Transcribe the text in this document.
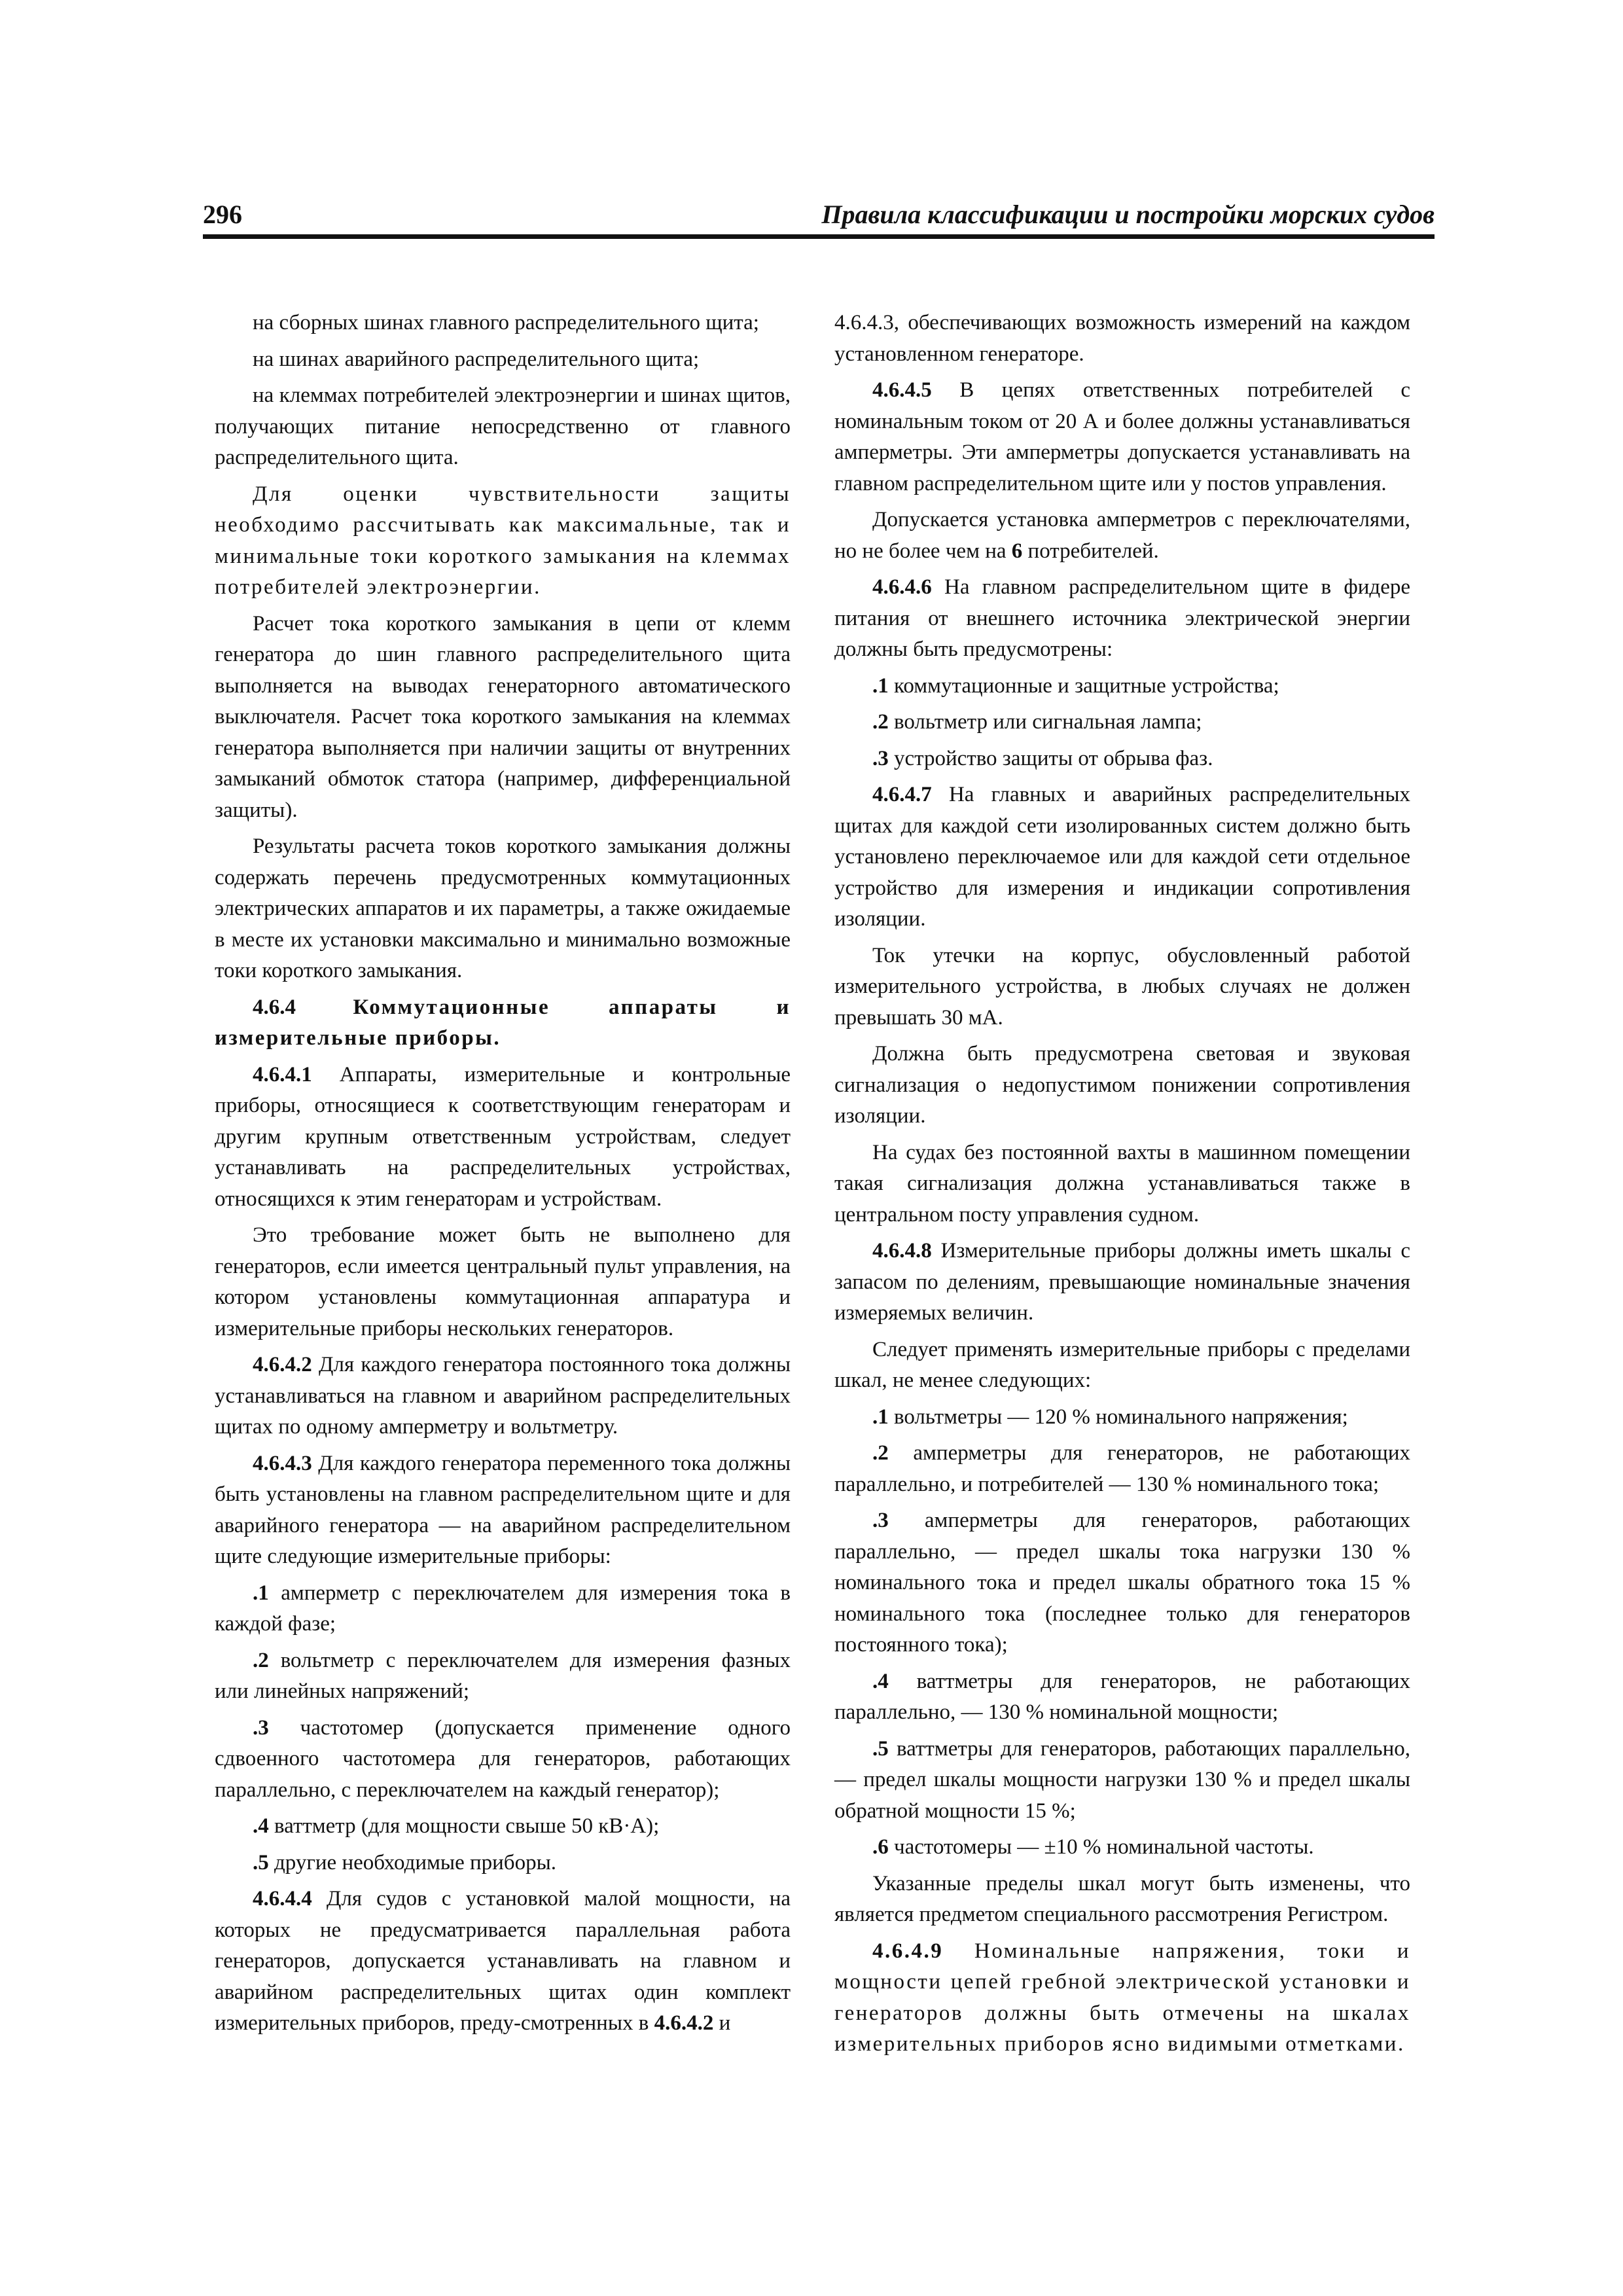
296	Правила классификации и постройки морских судов

на сборных шинах главного распределительного щита;

на шинах аварийного распределительного щита;

на клеммах потребителей электроэнергии и шинах щитов, получающих питание непосредственно от главного распределительного щита.

Для оценки чувствительности защиты необходимо рассчитывать как максимальные, так и минимальные токи короткого замыкания на клеммах потребителей электроэнергии.

Расчет тока короткого замыкания в цепи от клемм генератора до шин главного распределительного щита выполняется на выводах генераторного автоматического выключателя. Расчет тока короткого замыкания на клеммах генератора выполняется при наличии защиты от внутренних замыканий обмоток статора (например, дифференциальной защиты).

Результаты расчета токов короткого замыкания должны содержать перечень предусмотренных коммутационных электрических аппаратов и их параметры, а также ожидаемые в месте их установки максимально и минимально возможные токи короткого замыкания.

4.6.4	Коммутационные аппараты и измерительные приборы.

4.6.4.1 Аппараты, измерительные и контрольные приборы, относящиеся к соответствующим генераторам и другим крупным ответственным устройствам, следует устанавливать на распределительных устройствах, относящихся к этим генераторам и устройствам.

Это требование может быть не выполнено для генераторов, если имеется центральный пульт управления, на котором установлены коммутационная аппаратура и измерительные приборы нескольких генераторов.

4.6.4.2 Для каждого генератора постоянного тока должны устанавливаться на главном и аварийном распределительных щитах по одному амперметру и вольтметру.

4.6.4.3 Для каждого генератора переменного тока должны быть установлены на главном распределительном щите и для аварийного генератора — на аварийном распределительном щите следующие измерительные приборы:

.1 амперметр с переключателем для измерения тока в каждой фазе;

.2 вольтметр с переключателем для измерения фазных или линейных напряжений;

.3 частотомер (допускается применение одного сдвоенного частотомера для генераторов, работающих параллельно, с переключателем на каждый генератор);

.4 ваттметр (для мощности свыше 50 кВ·А);

.5 другие необходимые приборы.

4.6.4.4 Для судов с установкой малой мощности, на которых не предусматривается параллельная работа генераторов, допускается устанавливать на главном и аварийном распределительных щитах один комплект измерительных приборов, преду-смотренных в 4.6.4.2 и

4.6.4.3, обеспечивающих возможность измерений на каждом установленном генераторе.

4.6.4.5 В цепях ответственных потребителей с номинальным током от 20 А и более должны устанавливаться амперметры. Эти амперметры допускается устанавливать на главном распределительном щите или у постов управления.

Допускается установка амперметров с переключателями, но не более чем на 6 потребителей.

4.6.4.6 На главном распределительном щите в фидере питания от внешнего источника электрической энергии должны быть предусмотрены:

.1 коммутационные и защитные устройства;

.2 вольтметр или сигнальная лампа;

.3 устройство защиты от обрыва фаз.

4.6.4.7 На главных и аварийных распределительных щитах для каждой сети изолированных систем должно быть установлено переключаемое или для каждой сети отдельное устройство для измерения и индикации сопротивления изоляции.

Ток утечки на корпус, обусловленный работой измерительного устройства, в любых случаях не должен превышать 30 мА.

Должна быть предусмотрена световая и звуковая сигнализация о недопустимом понижении сопротивления изоляции.

На судах без постоянной вахты в машинном помещении такая сигнализация должна устанавливаться также в центральном посту управления судном.

4.6.4.8 Измерительные приборы должны иметь шкалы с запасом по делениям, превышающие номинальные значения измеряемых величин.

Следует применять измерительные приборы с пределами шкал, не менее следующих:

.1 вольтметры — 120 % номинального напряжения;

.2 амперметры для генераторов, не работающих параллельно, и потребителей — 130 % номинального тока;

.3 амперметры для генераторов, работающих параллельно, — предел шкалы тока нагрузки 130 % номинального тока и предел шкалы обратного тока 15 % номинального тока (последнее только для генераторов постоянного тока);

.4 ваттметры для генераторов, не работающих параллельно, — 130 % номинальной мощности;

.5 ваттметры для генераторов, работающих параллельно, — предел шкалы мощности нагрузки 130 % и предел шкалы обратной мощности 15 %;

.6 частотомеры — ±10 % номинальной частоты.

Указанные пределы шкал могут быть изменены, что является предметом специального рассмотрения Регистром.

4.6.4.9 Номинальные напряжения, токи и мощности цепей гребной электрической установки и генераторов должны быть отмечены на шкалах измерительных приборов ясно видимыми отметками.
